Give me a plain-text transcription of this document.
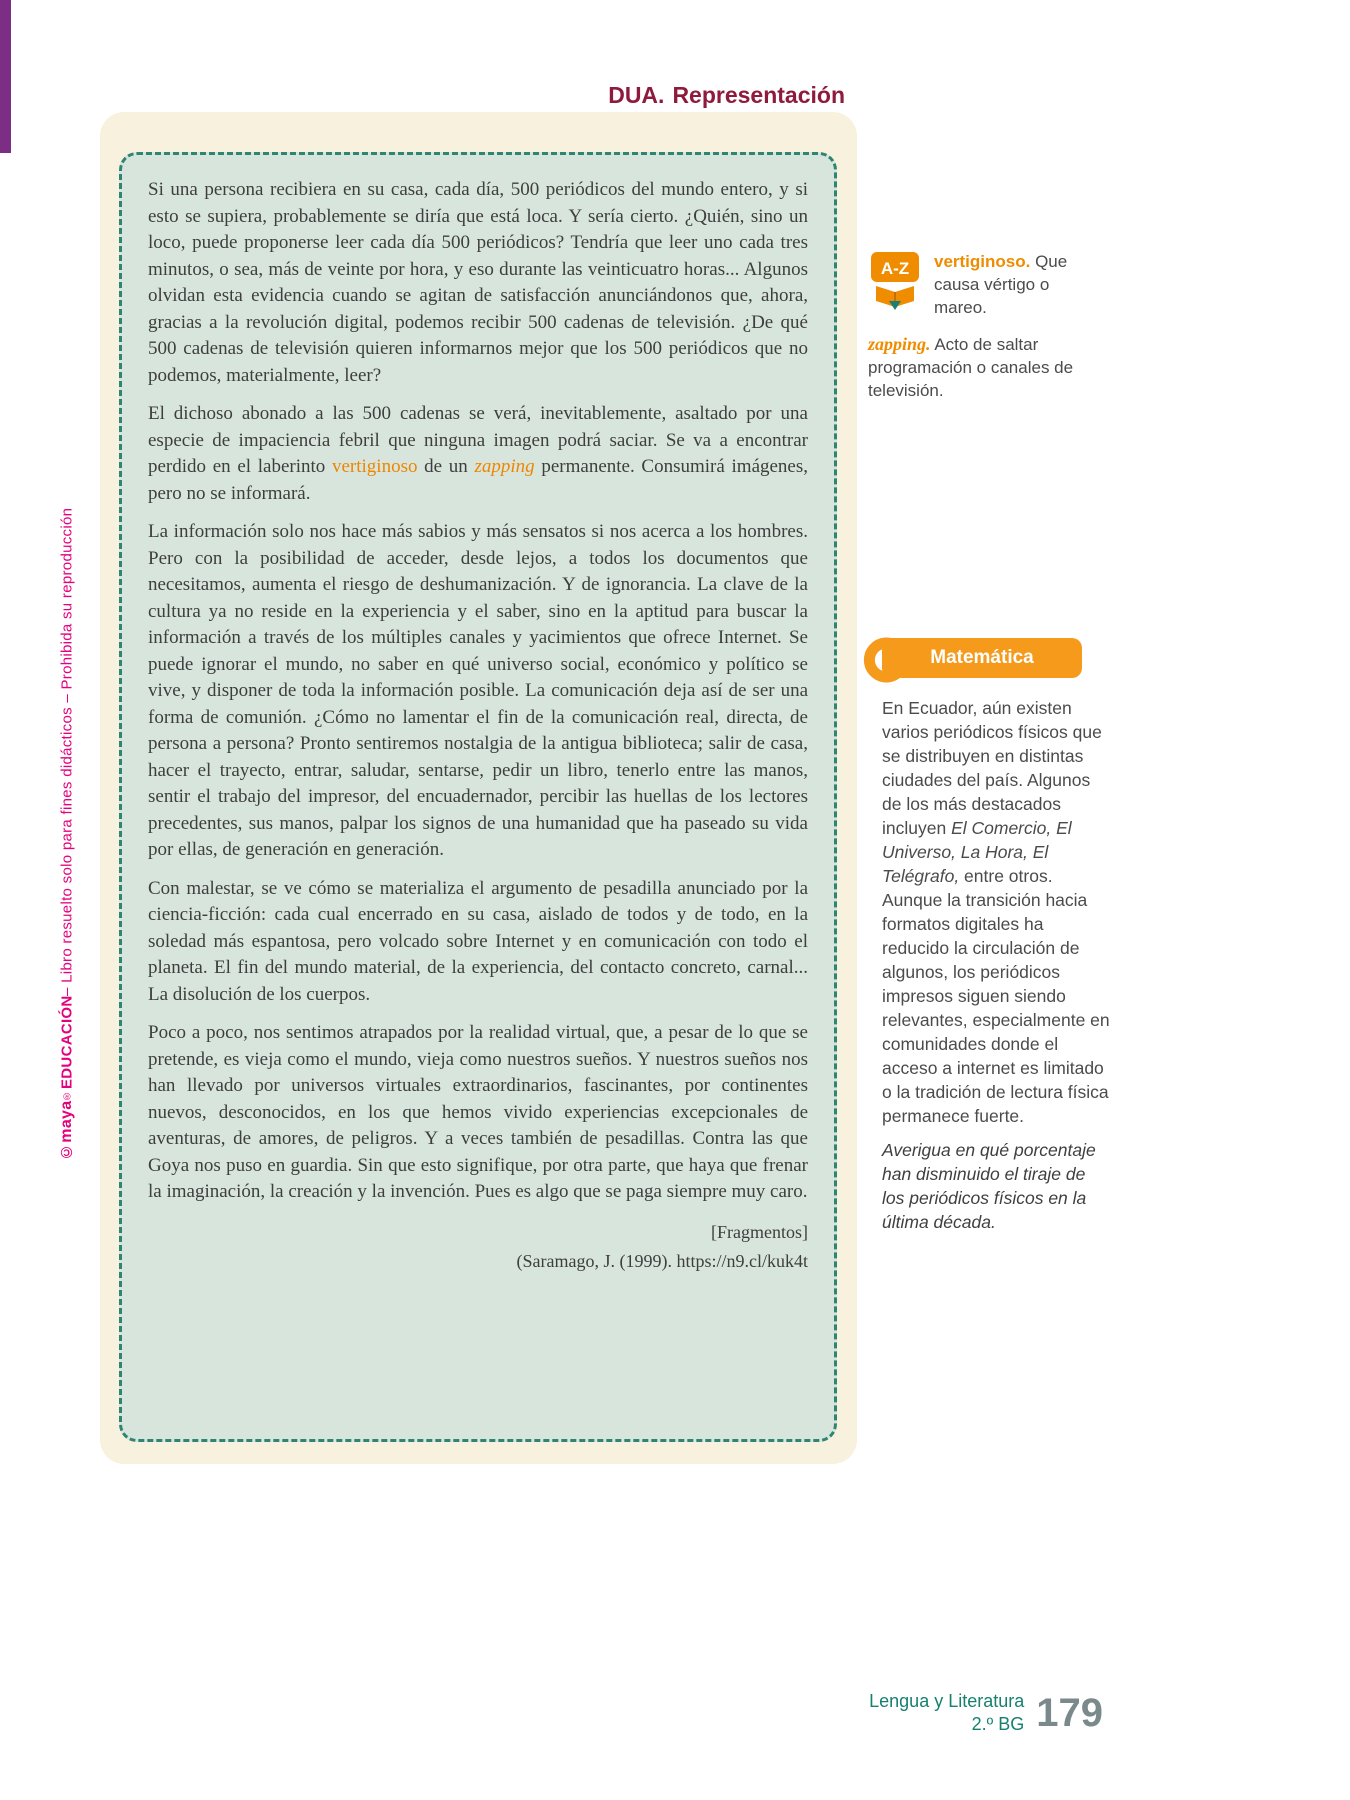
©maya
®
EDUCACIÓN
– Libro resuelto solo para fines didácticos – Prohibida su reproducción
DUA. Representación

Si una persona recibiera en su casa, cada día, 500 periódicos del mundo entero, y si esto se supiera, probablemente se diría que está loca. Y sería cierto. ¿Quién, sino un loco, puede proponerse leer cada día 500 periódicos? Tendría que leer uno cada tres minutos, o sea, más de veinte por hora, y eso durante las veinticuatro horas... Algunos olvidan esta evidencia cuando se agitan de satisfacción anunciándonos que, ahora, gracias a la revolución digital, podemos recibir 500 cadenas de televisión. ¿De qué 500 cadenas de televisión quieren informarnos mejor que los 500 periódicos que no podemos, materialmente, leer?

El dichoso abonado a las 500 cadenas se verá, inevitablemente, asaltado por una especie de impaciencia febril que ninguna imagen podrá saciar. Se va a encontrar perdido en el laberinto vertiginoso de un zapping permanente. Consumirá imágenes, pero no se informará.

La información solo nos hace más sabios y más sensatos si nos acerca a los hombres. Pero con la posibilidad de acceder, desde lejos, a todos los documentos que necesitamos, aumenta el riesgo de deshumanización. Y de ignorancia. La clave de la cultura ya no reside en la experiencia y el saber, sino en la aptitud para buscar la información a través de los múltiples canales y yacimientos que ofrece Internet. Se puede ignorar el mundo, no saber en qué universo social, económico y político se vive, y disponer de toda la información posible. La comunicación deja así de ser una forma de comunión. ¿Cómo no lamentar el fin de la comunicación real, directa, de persona a persona? Pronto sentiremos nostalgia de la antigua biblioteca; salir de casa, hacer el trayecto, entrar, saludar, sentarse, pedir un libro, tenerlo entre las manos, sentir el trabajo del impresor, del encuadernador, percibir las huellas de los lectores precedentes, sus manos, palpar los signos de una humanidad que ha paseado su vida por ellas, de generación en generación.

Con malestar, se ve cómo se materializa el argumento de pesadilla anunciado por la ciencia-ficción: cada cual encerrado en su casa, aislado de todos y de todo, en la soledad más espantosa, pero volcado sobre Internet y en comunicación con todo el planeta. El fin del mundo material, de la experiencia, del contacto concreto, carnal... La disolución de los cuerpos.

Poco a poco, nos sentimos atrapados por la realidad virtual, que, a pesar de lo que se pretende, es vieja como el mundo, vieja como nuestros sueños. Y nuestros sueños nos han llevado por universos virtuales extraordinarios, fascinantes, por continentes nuevos, desconocidos, en los que hemos vivido experiencias excepcionales de aventuras, de amores, de peligros. Y a veces también de pesadillas. Contra las que Goya nos puso en guardia. Sin que esto signifique, por otra parte, que haya que frenar la imaginación, la creación y la invención. Pues es algo que se paga siempre muy caro.

[Fragmentos]
(Saramago, J. (1999). https://n9.cl/kuk4t
A-Z vertiginoso. Que causa vértigo o mareo.
zapping. Acto de saltar programación o canales de televisión.
Matemática
En Ecuador, aún existen varios periódicos físicos que se distribuyen en distintas ciudades del país. Algunos de los más destacados incluyen El Comercio, El Universo, La Hora, El Telégrafo, entre otros. Aunque la transición hacia formatos digitales ha reducido la circulación de algunos, los periódicos impresos siguen siendo relevantes, especialmente en comunidades donde el acceso a internet es limitado o la tradición de lectura física permanece fuerte.
Averigua en qué porcentaje han disminuido el tiraje de los periódicos físicos en la última década.
Lengua y Literatura
2.º BG 179
